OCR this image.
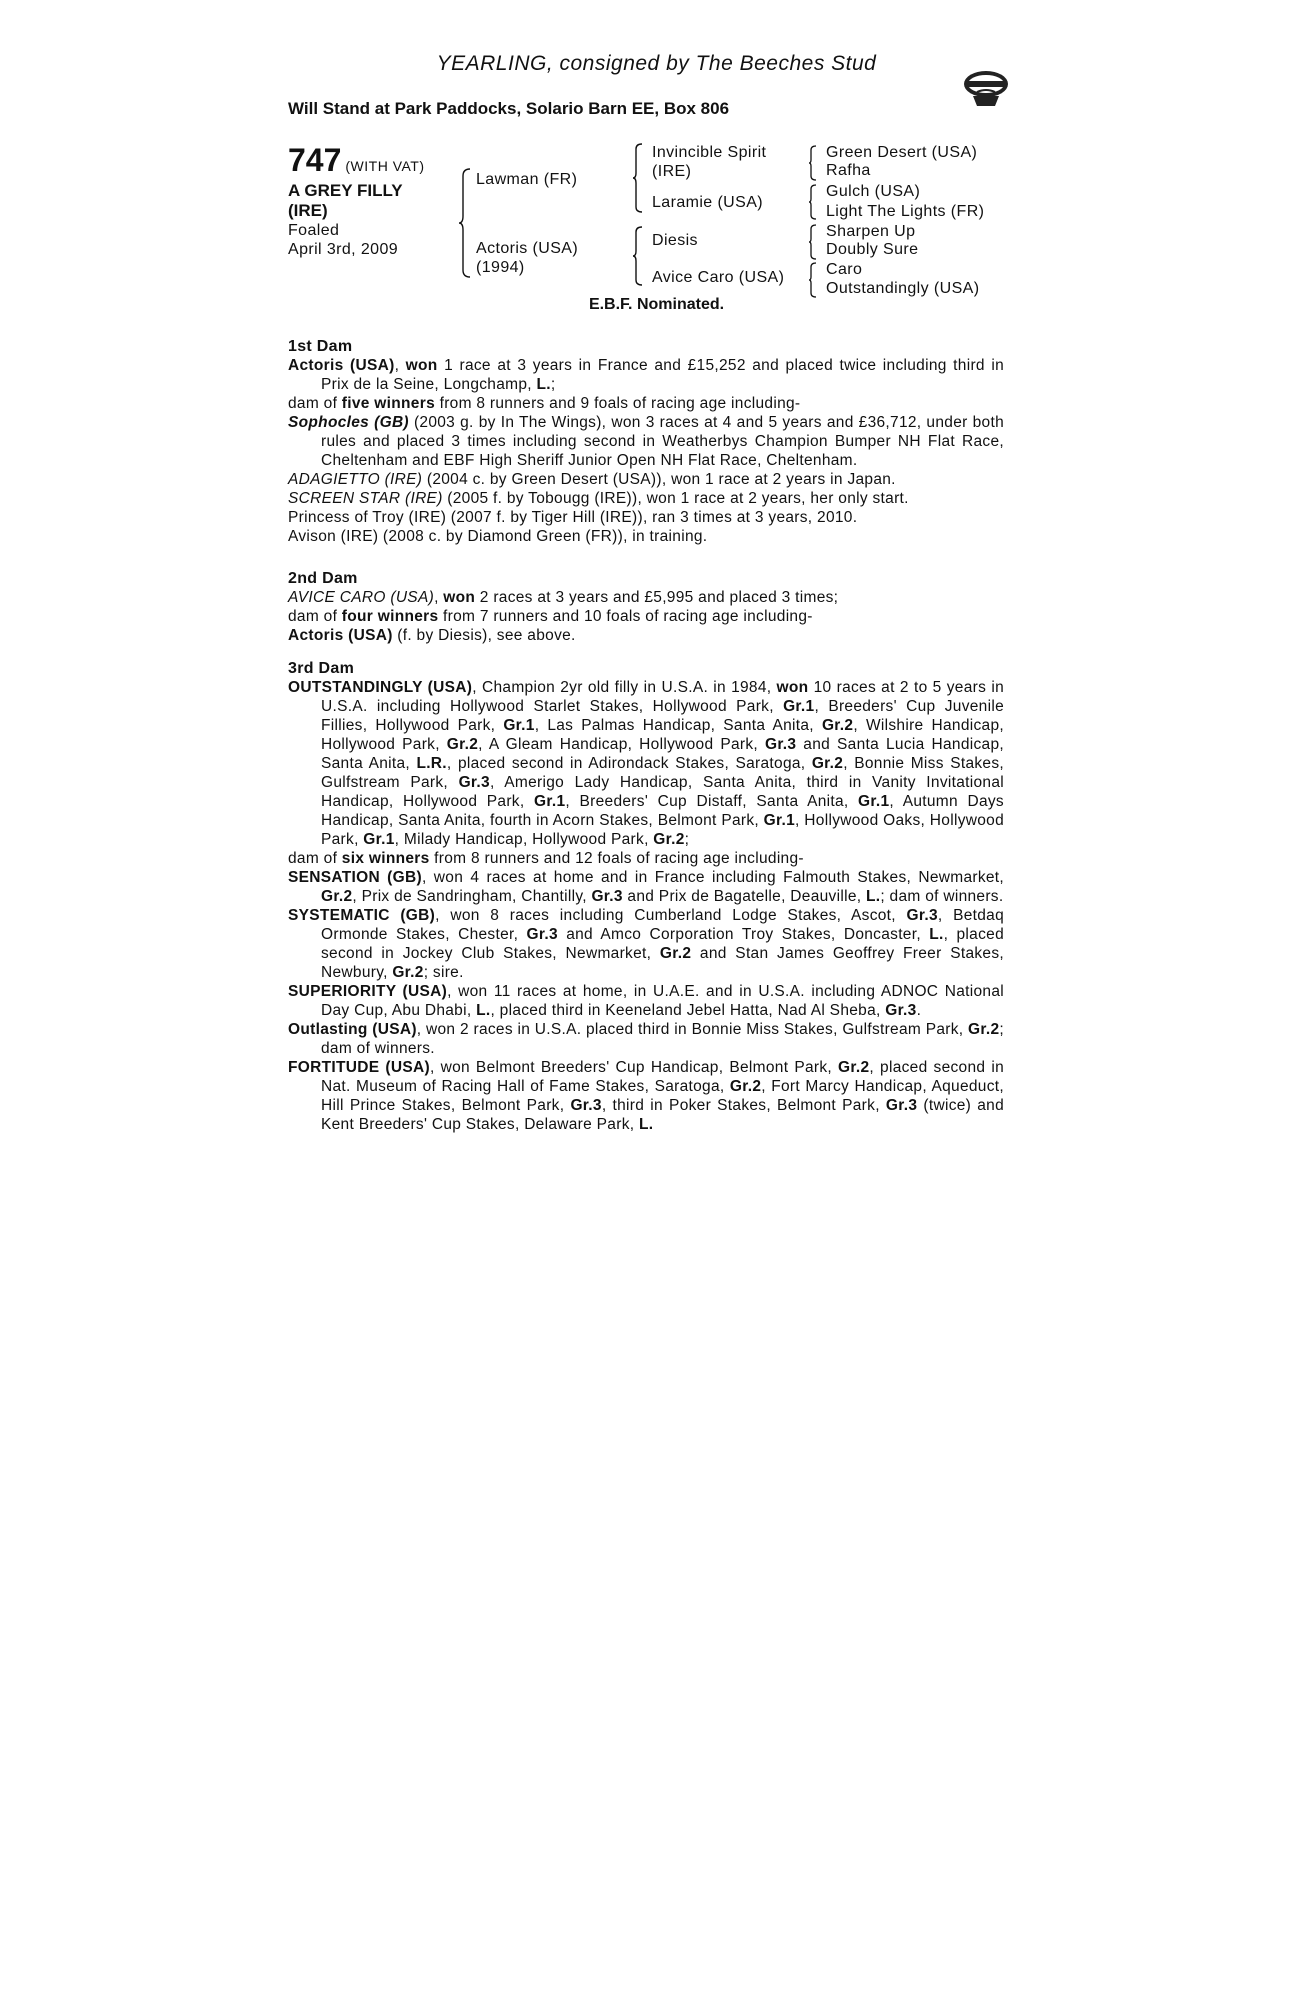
YEARLING, consigned by The Beeches Stud
Will Stand at Park Paddocks, Solario Barn EE, Box 806
747 (WITH VAT)
A GREY FILLY
(IRE)
Foaled
April 3rd, 2009
Lawman (FR)
Actoris (USA)
(1994)
Invincible Spirit
(IRE)
Laramie (USA)
Diesis
Avice Caro (USA)
Green Desert (USA)
Rafha
Gulch (USA)
Light The Lights (FR)
Sharpen Up
Doubly Sure
Caro
Outstandingly (USA)
E.B.F. Nominated.

1st Dam

Actoris (USA), won 1 race at 3 years in France and £15,252 and placed twice including third in Prix de la Seine, Longchamp, L.;

dam of five winners from 8 runners and 9 foals of racing age including-

Sophocles (GB) (2003 g. by In The Wings), won 3 races at 4 and 5 years and £36,712, under both rules and placed 3 times including second in Weatherbys Champion Bumper NH Flat Race, Cheltenham and EBF High Sheriff Junior Open NH Flat Race, Cheltenham.

ADAGIETTO (IRE) (2004 c. by Green Desert (USA)), won 1 race at 2 years in Japan.

SCREEN STAR (IRE) (2005 f. by Tobougg (IRE)), won 1 race at 2 years, her only start.

Princess of Troy (IRE) (2007 f. by Tiger Hill (IRE)), ran 3 times at 3 years, 2010.

Avison (IRE) (2008 c. by Diamond Green (FR)), in training.

2nd Dam

AVICE CARO (USA), won 2 races at 3 years and £5,995 and placed 3 times;

dam of four winners from 7 runners and 10 foals of racing age including-

Actoris (USA) (f. by Diesis), see above.

3rd Dam

OUTSTANDINGLY (USA), Champion 2yr old filly in U.S.A. in 1984, won 10 races at 2 to 5 years in U.S.A. including Hollywood Starlet Stakes, Hollywood Park, Gr.1, Breeders' Cup Juvenile Fillies, Hollywood Park, Gr.1, Las Palmas Handicap, Santa Anita, Gr.2, Wilshire Handicap, Hollywood Park, Gr.2, A Gleam Handicap, Hollywood Park, Gr.3 and Santa Lucia Handicap, Santa Anita, L.R., placed second in Adirondack Stakes, Saratoga, Gr.2, Bonnie Miss Stakes, Gulfstream Park, Gr.3, Amerigo Lady Handicap, Santa Anita, third in Vanity Invitational Handicap, Hollywood Park, Gr.1, Breeders' Cup Distaff, Santa Anita, Gr.1, Autumn Days Handicap, Santa Anita, fourth in Acorn Stakes, Belmont Park, Gr.1, Hollywood Oaks, Hollywood Park, Gr.1, Milady Handicap, Hollywood Park, Gr.2;

dam of six winners from 8 runners and 12 foals of racing age including-

SENSATION (GB), won 4 races at home and in France including Falmouth Stakes, Newmarket, Gr.2, Prix de Sandringham, Chantilly, Gr.3 and Prix de Bagatelle, Deauville, L.; dam of winners.

SYSTEMATIC (GB), won 8 races including Cumberland Lodge Stakes, Ascot, Gr.3, Betdaq Ormonde Stakes, Chester, Gr.3 and Amco Corporation Troy Stakes, Doncaster, L., placed second in Jockey Club Stakes, Newmarket, Gr.2 and Stan James Geoffrey Freer Stakes, Newbury, Gr.2; sire.

SUPERIORITY (USA), won 11 races at home, in U.A.E. and in U.S.A. including ADNOC National Day Cup, Abu Dhabi, L., placed third in Keeneland Jebel Hatta, Nad Al Sheba, Gr.3.

Outlasting (USA), won 2 races in U.S.A. placed third in Bonnie Miss Stakes, Gulfstream Park, Gr.2; dam of winners.

FORTITUDE (USA), won Belmont Breeders' Cup Handicap, Belmont Park, Gr.2, placed second in Nat. Museum of Racing Hall of Fame Stakes, Saratoga, Gr.2, Fort Marcy Handicap, Aqueduct, Hill Prince Stakes, Belmont Park, Gr.3, third in Poker Stakes, Belmont Park, Gr.3 (twice) and Kent Breeders' Cup Stakes, Delaware Park, L.
